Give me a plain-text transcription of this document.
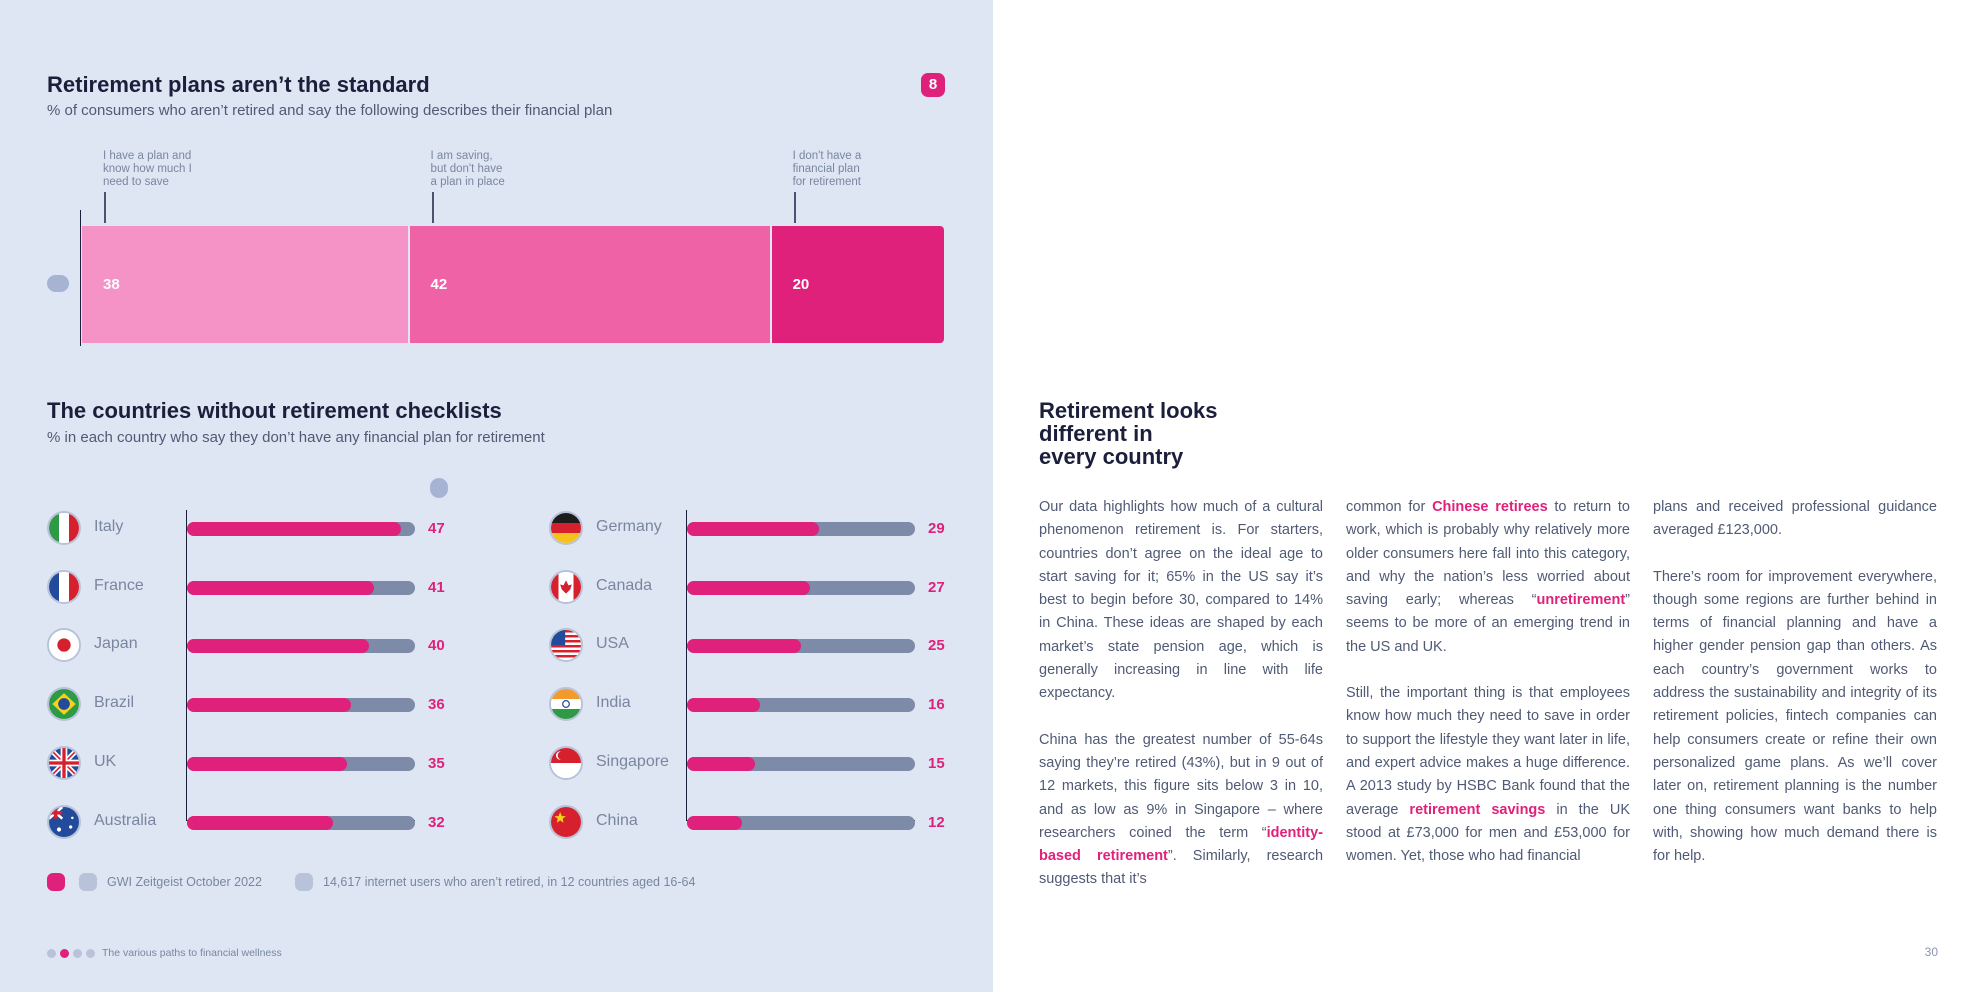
Retirement plans aren’t the standard
% of consumers who aren’t retired and say the following describes their financial plan
8
38
I have a plan and
know how much I
need to save
42
I am saving,
but don't have
a plan in place
20
I don't have a
financial plan
for retirement
The countries without retirement checklists
% in each country who say they don’t have any financial plan for retirement
Italy	47
France	41
Japan	40
Brazil	36
UK	35
Australia	32
Germany	29
Canada	27
USA	25
India	16
Singapore	15
China	12
GWI Zeitgeist October 2022	14,617 internet users who aren’t retired, in 12 countries aged 16-64
The various paths to financial wellness
Retirement looks
different in
every country

Our data highlights how much of a cultural phenomenon retirement is. For starters, countries don’t agree on the ideal age to start saving for it; 65% in the US say it’s best to begin before 30, compared to 14% in China. These ideas are shaped by each market’s state pension age, which is generally increasing in line with life expectancy.

China has the greatest number of 55-64s saying they’re retired (43%), but in 9 out of 12 markets, this figure sits below 3 in 10, and as low as 9% in Singapore – where researchers coined the term “identity-based retirement”. Similarly, research suggests that it’s

common for Chinese retirees to return to work, which is probably why relatively more older consumers here fall into this category, and why the nation’s less worried about saving early; whereas “unretirement” seems to be more of an emerging trend in the US and UK.

Still, the important thing is that employees know how much they need to save in order to support the lifestyle they want later in life, and expert advice makes a huge difference. A 2013 study by HSBC Bank found that the average retirement savings in the UK stood at £73,000 for men and £53,000 for women. Yet, those who had financial

plans and received professional guidance averaged £123,000.

There’s room for improvement everywhere, though some regions are further behind in terms of financial planning and have a higher gender pension gap than others. As each country’s government works to address the sustainability and integrity of its retirement policies, fintech companies can help consumers create or refine their own personalized game plans. As we’ll cover later on, retirement planning is the number one thing consumers want banks to help with, showing how much demand there is for help.

30
